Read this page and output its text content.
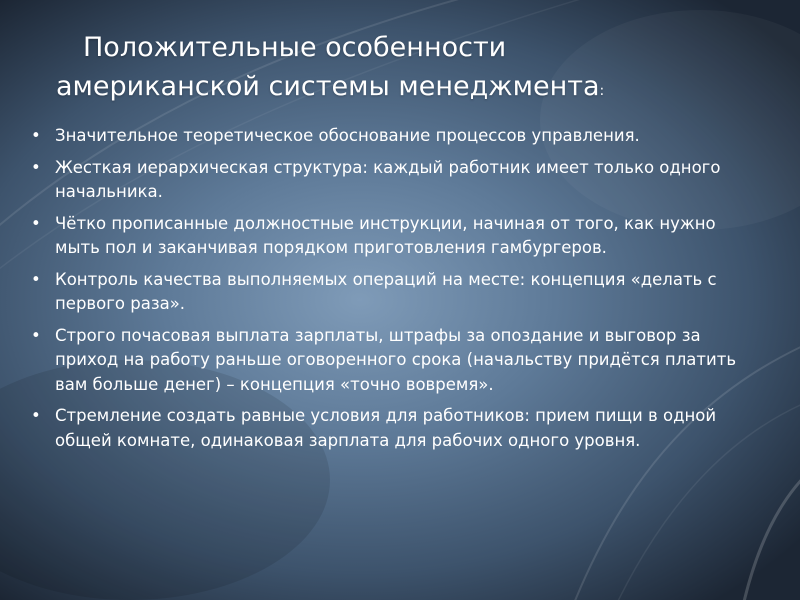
Положительные особенности
американской системы менеджмента:
• Значительное теоретическое обоснование процессов управления.
• Жесткая иерархическая структура: каждый работник имеет только одного начальника.
• Чётко прописанные должностные инструкции, начиная от того, как нужно мыть пол и заканчивая порядком приготовления гамбургеров.
• Контроль качества выполняемых операций на месте: концепция «делать с первого раза».
• Строго почасовая выплата зарплаты, штрафы за опоздание и выговор за приход на работу раньше оговоренного срока (начальству придётся платить вам больше денег) – концепция «точно вовремя».
• Стремление создать равные условия для работников: прием пищи в одной общей комнате, одинаковая зарплата для рабочих одного уровня.
